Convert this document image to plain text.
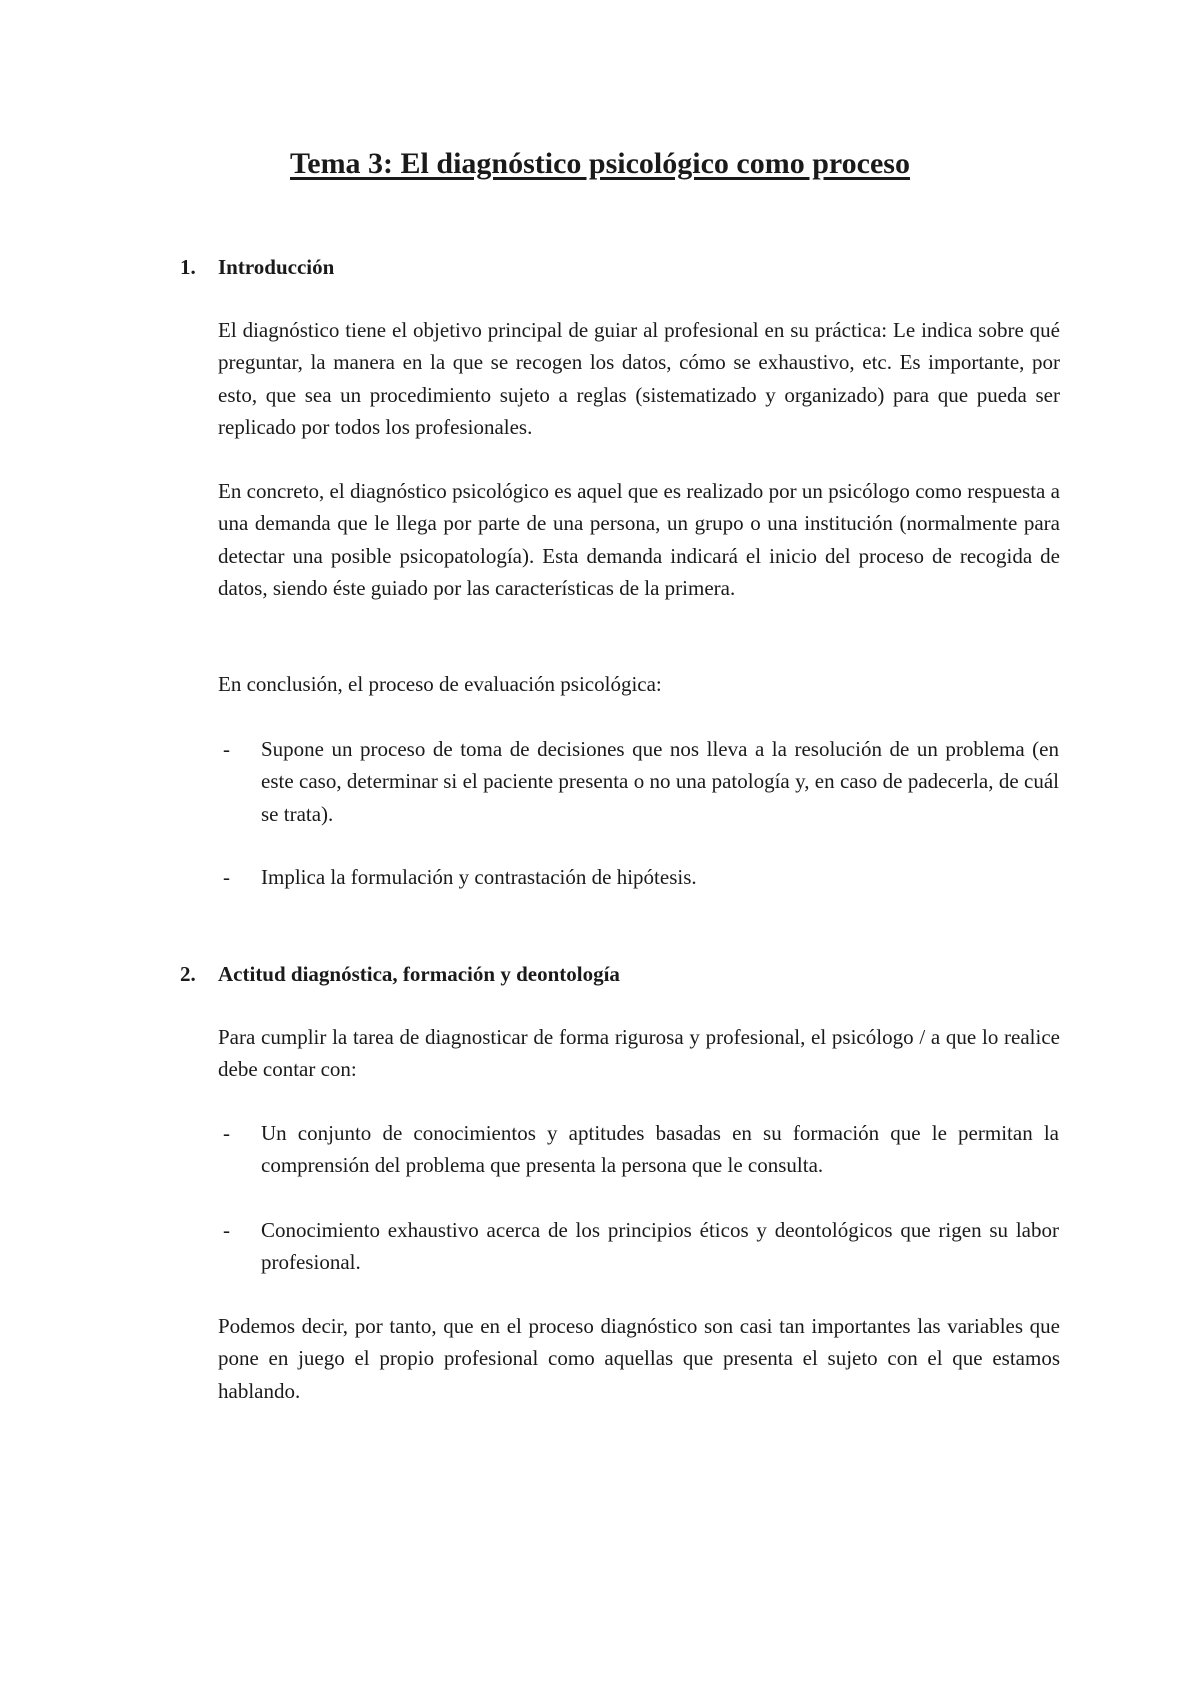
Tema 3: El diagnóstico psicológico como proceso
1. Introducción

El diagnóstico tiene el objetivo principal de guiar al profesional en su práctica: Le indica sobre qué preguntar, la manera en la que se recogen los datos, cómo se exhaustivo, etc. Es importante, por esto, que sea un procedimiento sujeto a reglas (sistematizado y organizado) para que pueda ser replicado por todos los profesionales.

En concreto, el diagnóstico psicológico es aquel que es realizado por un psicólogo como respuesta a una demanda que le llega por parte de una persona, un grupo o una institución (normalmente para detectar una posible psicopatología). Esta demanda indicará el inicio del proceso de recogida de datos, siendo éste guiado por las características de la primera.

En conclusión, el proceso de evaluación psicológica:

- Supone un proceso de toma de decisiones que nos lleva a la resolución de un problema (en este caso, determinar si el paciente presenta o no una patología y, en caso de padecerla, de cuál se trata).

- Implica la formulación y contrastación de hipótesis.

2. Actitud diagnóstica, formación y deontología

Para cumplir la tarea de diagnosticar de forma rigurosa y profesional, el psicólogo / a que lo realice debe contar con:

- Un conjunto de conocimientos y aptitudes basadas en su formación que le permitan la comprensión del problema que presenta la persona que le consulta.

- Conocimiento exhaustivo acerca de los principios éticos y deontológicos que rigen su labor profesional.

Podemos decir, por tanto, que en el proceso diagnóstico son casi tan importantes las variables que pone en juego el propio profesional como aquellas que presenta el sujeto con el que estamos hablando.
